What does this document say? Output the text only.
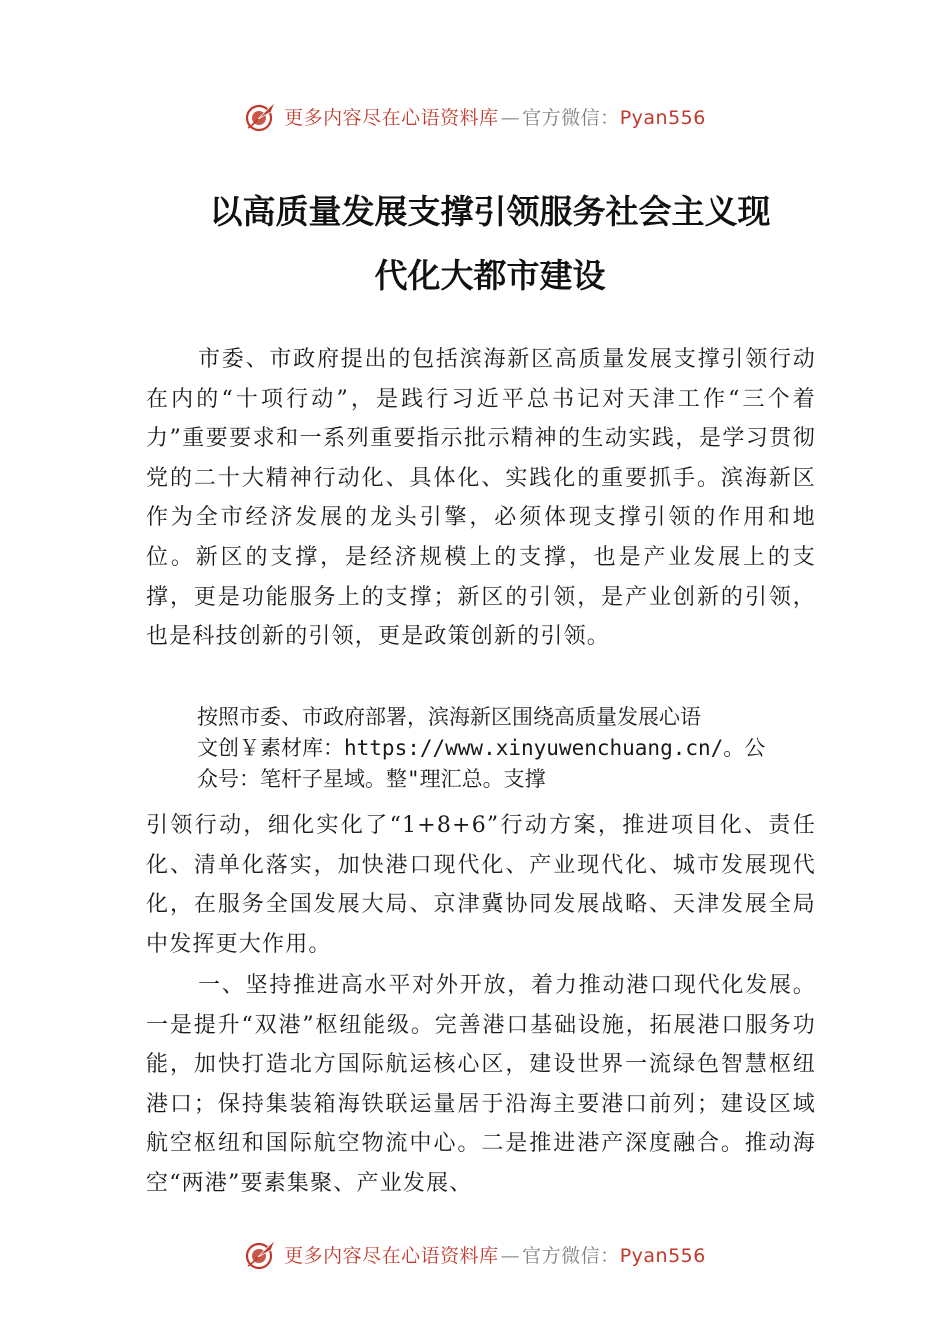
更多内容尽在心语资料库 — 官方微信：Pyan556
以高质量发展支撑引领服务社会主义现
代化大都市建设
市委、市政府提出的包括滨海新区高质量发展支撑引领行动在内的“十项行动”，是践行习近平总书记对天津工作“三个着力”重要要求和一系列重要指示批示精神的生动实践，是学习贯彻党的二十大精神行动化、具体化、实践化的重要抓手。滨海新区作为全市经济发展的龙头引擎，必须体现支撑引领的作用和地位。新区的支撑，是经济规模上的支撑，也是产业发展上的支撑，更是功能服务上的支撑；新区的引领，是产业创新的引领，也是科技创新的引领，更是政策创新的引领。
按照市委、市政府部署，滨海新区围绕高质量发展心语
文创￥素材库：https://www.xinyuwenchuang.cn/。公
众号：笔杆子星域。整"理汇总。支撑
引领行动，细化实化了“1+8+6”行动方案，推进项目化、责任化、清单化落实，加快港口现代化、产业现代化、城市发展现代化，在服务全国发展大局、京津冀协同发展战略、天津发展全局中发挥更大作用。
一、坚持推进高水平对外开放，着力推动港口现代化发展。一是提升“双港”枢纽能级。完善港口基础设施，拓展港口服务功能，加快打造北方国际航运核心区，建设世界一流绿色智慧枢纽港口；保持集装箱海铁联运量居于沿海主要港口前列；建设区域航空枢纽和国际航空物流中心。二是推进港产深度融合。推动海空“两港”要素集聚、产业发展、
更多内容尽在心语资料库 — 官方微信：Pyan556
